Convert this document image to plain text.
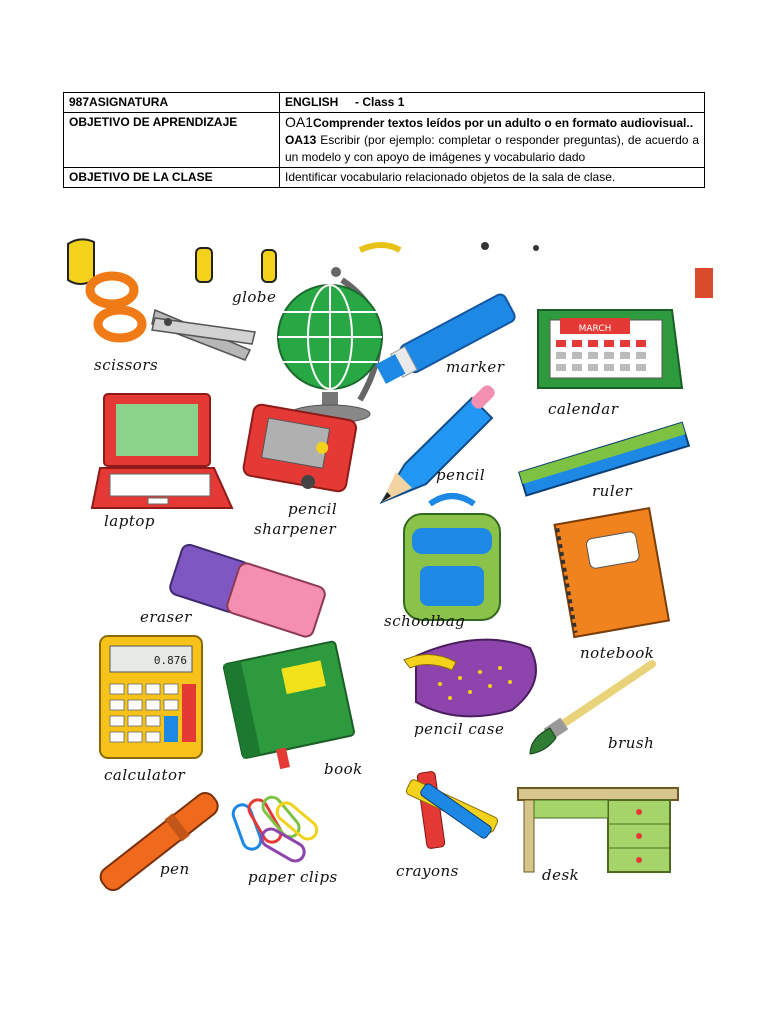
987ASIGNATURA	ENGLISH     - Class 1
OBJETIVO DE APRENDIZAJE	OA1Comprender textos leídos por un adulto o en formato audiovisual..
OA13 Escribir (por ejemplo: completar o responder preguntas), de acuerdo a un modelo y con apoyo de imágenes y vocabulario dado
OBJETIVO DE LA CLASE	Identificar vocabulario relacionado objetos de la sala de clase.
MARCH
0.876
scissors
globe
marker
calendar
laptop
pencil
sharpener
pencil
ruler
eraser	schoolbag
notebook
calculator	book
pencil case
brush
pen	paper clips	crayons	desk
